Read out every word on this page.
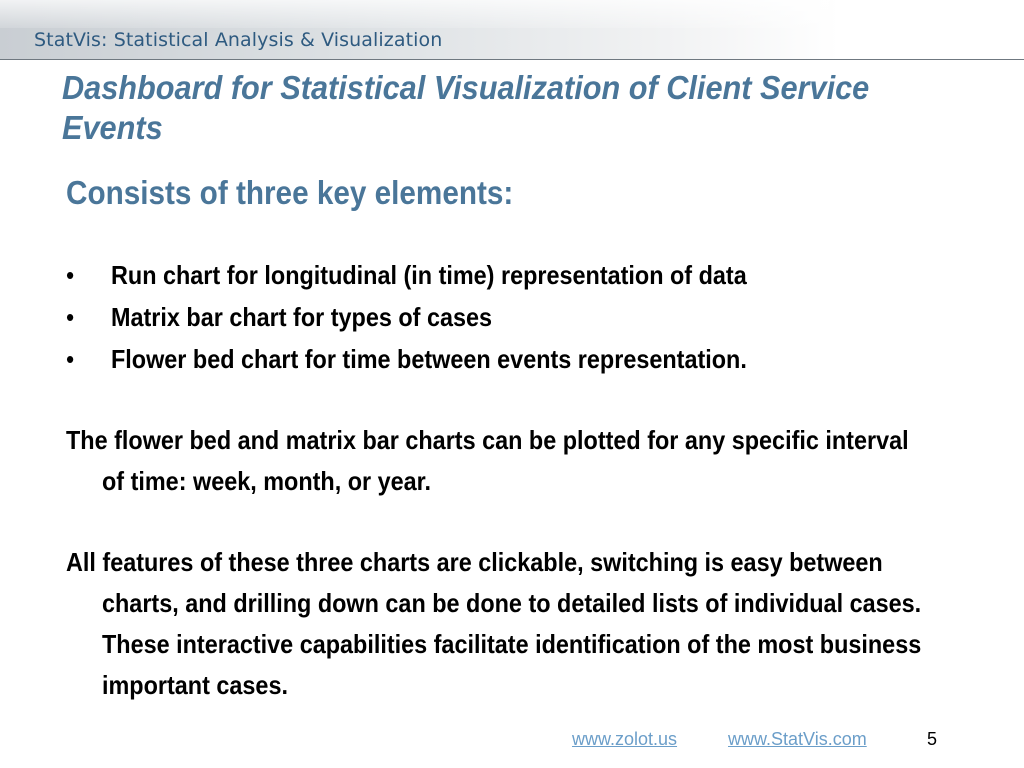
StatVis: Statistical Analysis & Visualization
Dashboard for Statistical Visualization of Client Service Events
Consists of three key elements:
• Run chart for longitudinal (in time) representation of data
• Matrix bar chart for types of cases
• Flower bed chart for time between events representation.

The flower bed and matrix bar charts can be plotted for any specific interval of time: week, month, or year.

All features of these three charts are clickable, switching is easy between charts, and drilling down can be done to detailed lists of individual cases. These interactive capabilities facilitate identification of the most business important cases.

www.zolot.us	www.StatVis.com	5
